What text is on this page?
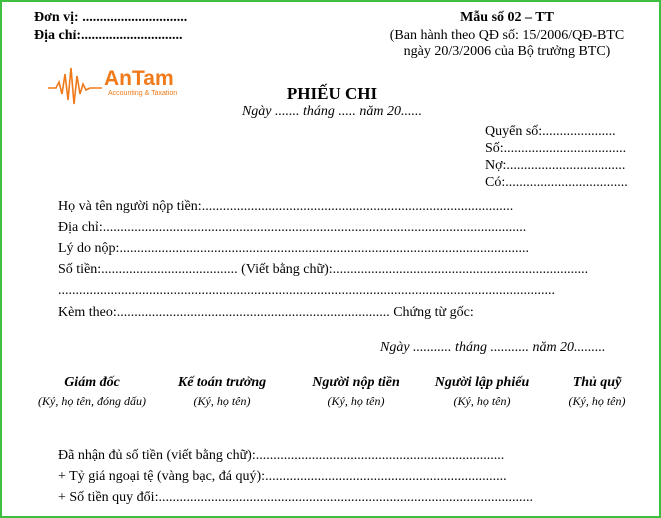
Đơn vị: ..............................
Địa chỉ:.............................
Mẫu số 02 – TT
(Ban hành theo QĐ số: 15/2006/QĐ-BTC
ngày 20/3/2006 của Bộ trưởng BTC)
AnTam
Accounting & Taxation	PHIẾU CHI
Ngày ....... tháng ..... năm 20......
Quyển số:.....................
Số:...................................
Nợ:..................................
Có:...................................
Họ và tên người nộp tiền:.........................................................................................
Địa chỉ:.........................................................................................................................
Lý do nộp:.....................................................................................................................
Số tiền:....................................... (Viết bằng chữ):.........................................................................
..............................................................................................................................................
Kèm theo:.............................................................................. Chứng từ gốc:
Ngày ........... tháng ........... năm 20.........
Giám đốc
(Ký, họ tên, đóng dấu)
Kế toán trưởng
(Ký, họ tên)
Người nộp tiền
(Ký, họ tên)
Người lập phiếu
(Ký, họ tên)
Thủ quỹ
(Ký, họ tên)
Đã nhận đủ số tiền (viết bằng chữ):.......................................................................
+ Tỷ giá ngoại tệ (vàng bạc, đá quý):.....................................................................
+ Số tiền quy đổi:...........................................................................................................
